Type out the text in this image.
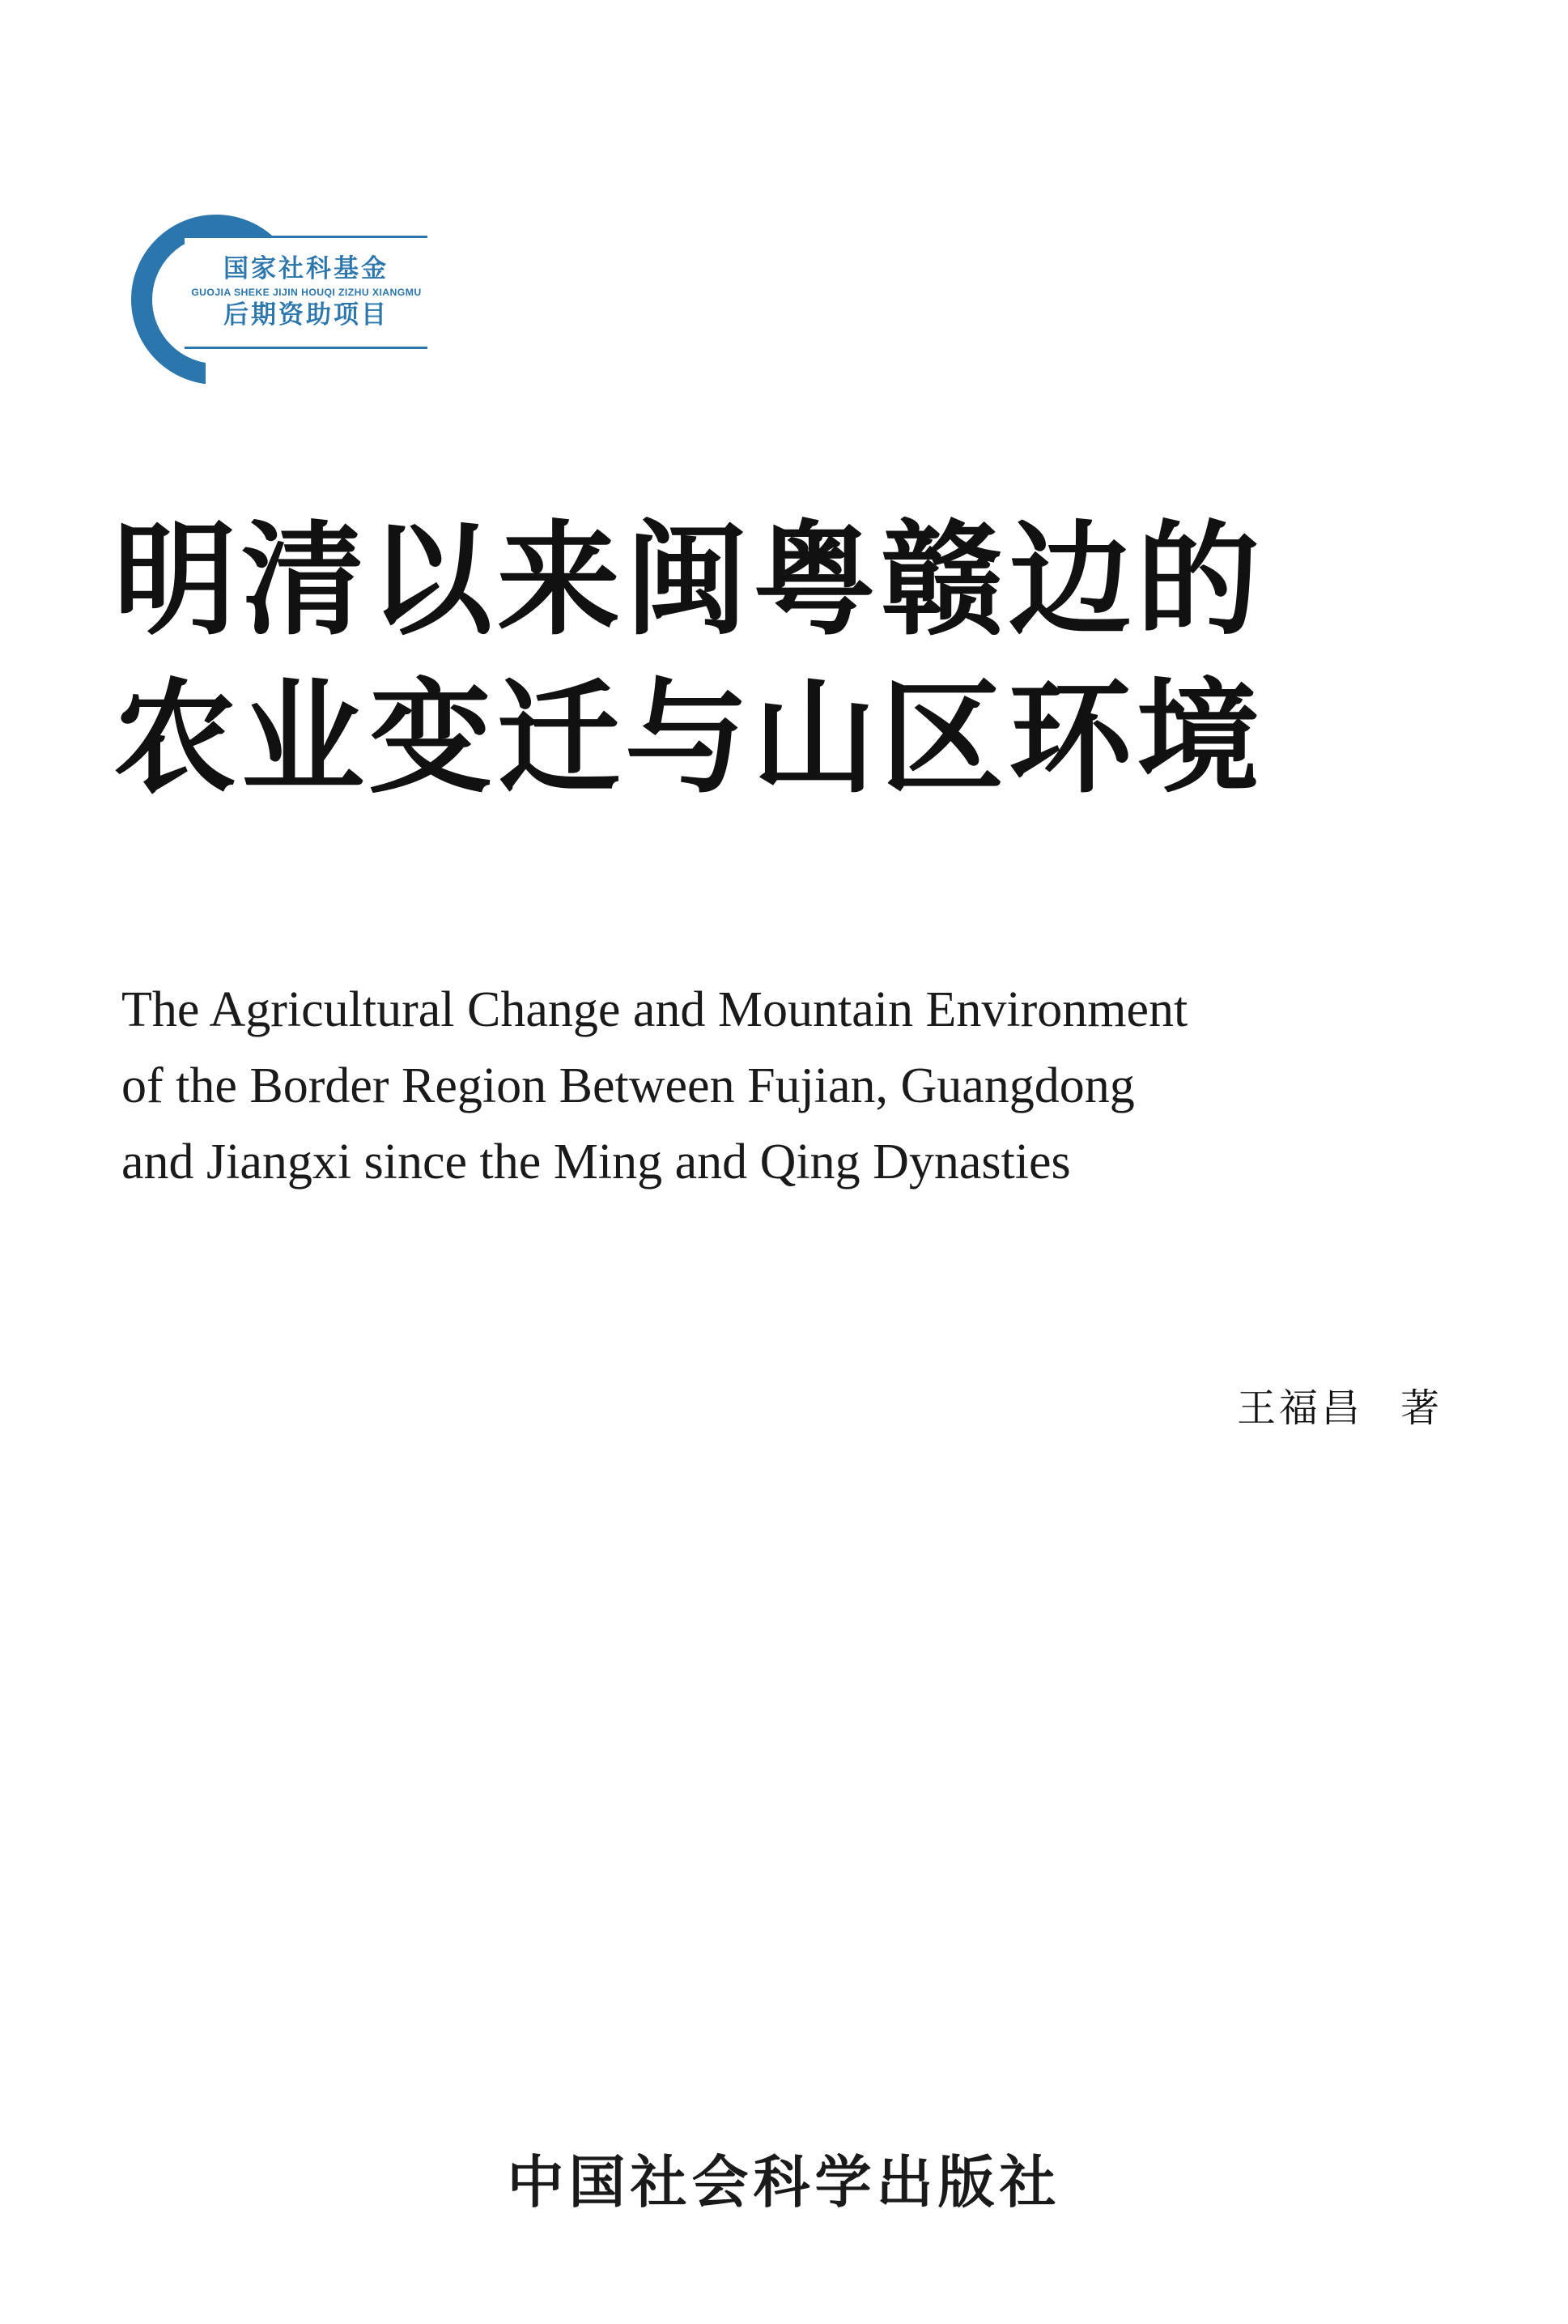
国家社科基金
GUOJIA SHEKE JIJIN HOUQI ZIZHU XIANGMU
后期资助项目
明清以来闽粤赣边的
农业变迁与山区环境
The Agricultural Change and Mountain Environment
of the Border Region Between Fujian, Guangdong
and Jiangxi since the Ming and Qing Dynasties
王福昌 著
中国社会科学出版社
